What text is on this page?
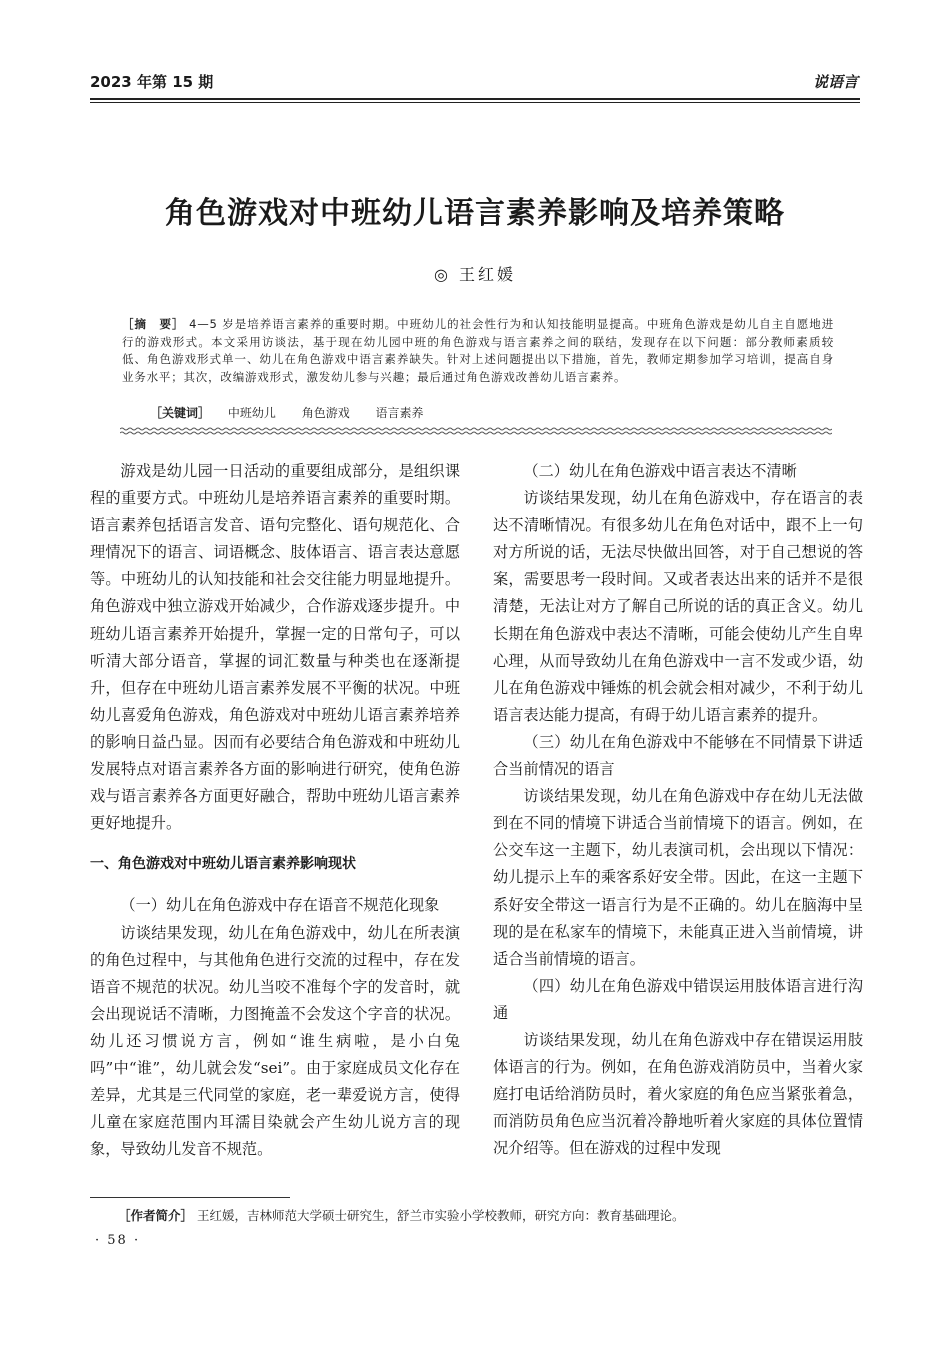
2023 年第 15 期	说语言
角色游戏对中班幼儿语言素养影响及培养策略
◎ 王红媛
［摘　要］ 4—5 岁是培养语言素养的重要时期。中班幼儿的社会性行为和认知技能明显提高。中班角色游戏是幼儿自主自愿地进行的游戏形式。本文采用访谈法，基于现在幼儿园中班的角色游戏与语言素养之间的联结，发现存在以下问题：部分教师素质较低、角色游戏形式单一、幼儿在角色游戏中语言素养缺失。针对上述问题提出以下措施，首先，教师定期参加学习培训，提高自身业务水平；其次，改编游戏形式，激发幼儿参与兴趣；最后通过角色游戏改善幼儿语言素养。
［关键词］ 中班幼儿 角色游戏 语言素养

游戏是幼儿园一日活动的重要组成部分，是组织课程的重要方式。中班幼儿是培养语言素养的重要时期。语言素养包括语言发音、语句完整化、语句规范化、合理情况下的语言、词语概念、肢体语言、语言表达意愿等。中班幼儿的认知技能和社会交往能力明显地提升。角色游戏中独立游戏开始减少，合作游戏逐步提升。中班幼儿语言素养开始提升，掌握一定的日常句子，可以听清大部分语音，掌握的词汇数量与种类也在逐渐提升，但存在中班幼儿语言素养发展不平衡的状况。中班幼儿喜爱角色游戏，角色游戏对中班幼儿语言素养培养的影响日益凸显。因而有必要结合角色游戏和中班幼儿发展特点对语言素养各方面的影响进行研究，使角色游戏与语言素养各方面更好融合，帮助中班幼儿语言素养更好地提升。

一、角色游戏对中班幼儿语言素养影响现状

（一）幼儿在角色游戏中存在语音不规范化现象

访谈结果发现，幼儿在角色游戏中，幼儿在所表演的角色过程中，与其他角色进行交流的过程中，存在发语音不规范的状况。幼儿当咬不准每个字的发音时，就会出现说话不清晰，力图掩盖不会发这个字音的状况。幼儿还习惯说方言，例如“谁生病啦，是小白兔吗”中“谁”，幼儿就会发“sei”。由于家庭成员文化存在差异，尤其是三代同堂的家庭，老一辈爱说方言，使得儿童在家庭范围内耳濡目染就会产生幼儿说方言的现象，导致幼儿发音不规范。

（二）幼儿在角色游戏中语言表达不清晰

访谈结果发现，幼儿在角色游戏中，存在语言的表达不清晰情况。有很多幼儿在角色对话中，跟不上一句对方所说的话，无法尽快做出回答，对于自己想说的答案，需要思考一段时间。又或者表达出来的话并不是很清楚，无法让对方了解自己所说的话的真正含义。幼儿长期在角色游戏中表达不清晰，可能会使幼儿产生自卑心理，从而导致幼儿在角色游戏中一言不发或少语，幼儿在角色游戏中锤炼的机会就会相对减少，不利于幼儿语言表达能力提高，有碍于幼儿语言素养的提升。

（三）幼儿在角色游戏中不能够在不同情景下讲适合当前情况的语言

访谈结果发现，幼儿在角色游戏中存在幼儿无法做到在不同的情境下讲适合当前情境下的语言。例如，在公交车这一主题下，幼儿表演司机，会出现以下情况：幼儿提示上车的乘客系好安全带。因此，在这一主题下系好安全带这一语言行为是不正确的。幼儿在脑海中呈现的是在私家车的情境下，未能真正进入当前情境，讲适合当前情境的语言。

（四）幼儿在角色游戏中错误运用肢体语言进行沟通

访谈结果发现，幼儿在角色游戏中存在错误运用肢体语言的行为。例如，在角色游戏消防员中，当着火家庭打电话给消防员时，着火家庭的角色应当紧张着急，而消防员角色应当沉着冷静地听着火家庭的具体位置情况介绍等。但在游戏的过程中发现

［作者简介］ 王红媛，吉林师范大学硕士研究生，舒兰市实验小学校教师，研究方向：教育基础理论。
· 58 ·
